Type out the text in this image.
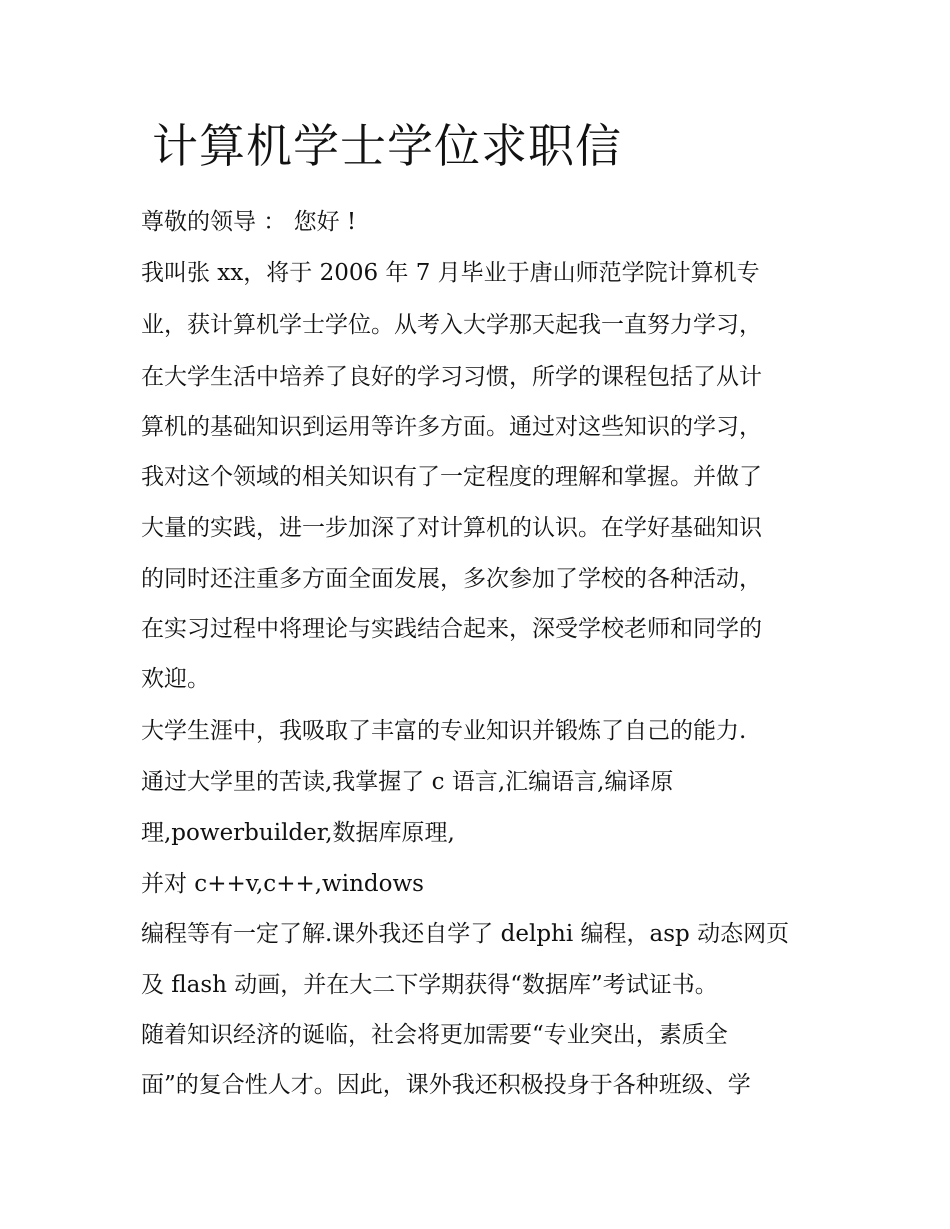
计算机学士学位求职信
尊敬的领导 ： 您好 !
我叫张 xx，将于 2006 年 7 月毕业于唐山师范学院计算机专
业，获计算机学士学位。从考入大学那天起我一直努力学习，
在大学生活中培养了良好的学习习惯，所学的课程包括了从计
算机的基础知识到运用等许多方面。通过对这些知识的学习，
我对这个领域的相关知识有了一定程度的理解和掌握。并做了
大量的实践，进一步加深了对计算机的认识。在学好基础知识
的同时还注重多方面全面发展，多次参加了学校的各种活动，
在实习过程中将理论与实践结合起来，深受学校老师和同学的
欢迎。
大学生涯中，我吸取了丰富的专业知识并锻炼了自己的能力.
通过大学里的苦读,我掌握了 c 语言,汇编语言,编译原
理,powerbuilder,数据库原理,
并对 c++v,c++,windows
编程等有一定了解.课外我还自学了 delphi 编程，asp 动态网页
及 flash 动画，并在大二下学期获得“数据库”考试证书。
随着知识经济的诞临，社会将更加需要“专业突出，素质全
面”的复合性人才。因此，课外我还积极投身于各种班级、学
